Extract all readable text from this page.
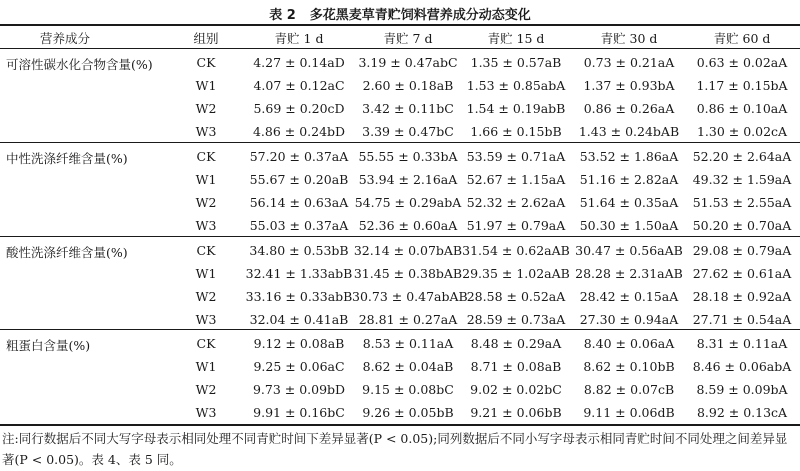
表 2 多花黑麦草青贮饲料营养成分动态变化
营养成分	组别	青贮 1 d	青贮 7 d	青贮 15 d	青贮 30 d	青贮 60 d
可溶性碳水化合物含量(%)	CK	4.27 ± 0.14aD	3.19 ± 0.47abC	1.35 ± 0.57aB	0.73 ± 0.21aA	0.63 ± 0.02aA
W1	4.07 ± 0.12aC	2.60 ± 0.18aB	1.53 ± 0.85abA	1.37 ± 0.93bA	1.17 ± 0.15bA
W2	5.69 ± 0.20cD	3.42 ± 0.11bC	1.54 ± 0.19abB	0.86 ± 0.26aA	0.86 ± 0.10aA
W3	4.86 ± 0.24bD	3.39 ± 0.47bC	1.66 ± 0.15bB	1.43 ± 0.24bAB	1.30 ± 0.02cA
中性洗涤纤维含量(%)	CK	57.20 ± 0.37aA 55.55 ± 0.33bA 53.59 ± 0.71aA	53.52 ± 1.86aA	52.20 ± 2.64aA
W1	55.67 ± 0.20aB 53.94 ± 2.16aA 52.67 ± 1.15aA	51.16 ± 2.82aA	49.32 ± 1.59aA
W2	56.14 ± 0.63aA 54.75 ± 0.29abA 52.32 ± 2.62aA	51.64 ± 0.35aA	51.53 ± 2.55aA
W3	55.03 ± 0.37aA 52.36 ± 0.60aA 51.97 ± 0.79aA	50.30 ± 1.50aA	50.20 ± 0.70aA
酸性洗涤纤维含量(%)	CK	34.80 ± 0.53bB 32.14 ± 0.07bAB 31.54 ± 0.62aAB 30.47 ± 0.56aAB 29.08 ± 0.79aA
W1	32.41 ± 1.33abB 31.45 ± 0.38bAB 29.35 ± 1.02aAB 28.28 ± 2.31aAB 27.62 ± 0.61aA
W2	33.16 ± 0.33abB 30.73 ± 0.47abAB 28.58 ± 0.52aA	28.42 ± 0.15aA	28.18 ± 0.92aA
W3	32.04 ± 0.41aB 28.81 ± 0.27aA 28.59 ± 0.73aA	27.30 ± 0.94aA	27.71 ± 0.54aA
粗蛋白含量(%)	CK	9.12 ± 0.08aB	8.53 ± 0.11aA	8.48 ± 0.29aA	8.40 ± 0.06aA	8.31 ± 0.11aA
W1	9.25 ± 0.06aC	8.62 ± 0.04aB	8.71 ± 0.08aB	8.62 ± 0.10bB	8.46 ± 0.06abA
W2	9.73 ± 0.09bD	9.15 ± 0.08bC	9.02 ± 0.02bC	8.82 ± 0.07cB	8.59 ± 0.09bA
W3	9.91 ± 0.16bC	9.26 ± 0.05bB	9.21 ± 0.06bB	9.11 ± 0.06dB	8.92 ± 0.13cA
注:同行数据后不同大写字母表示相同处理不同青贮时间下差异显著(P < 0.05);同列数据后不同小写字母表示相同青贮时间不同处理之间差异显著(P < 0.05)。表 4、表 5 同。
